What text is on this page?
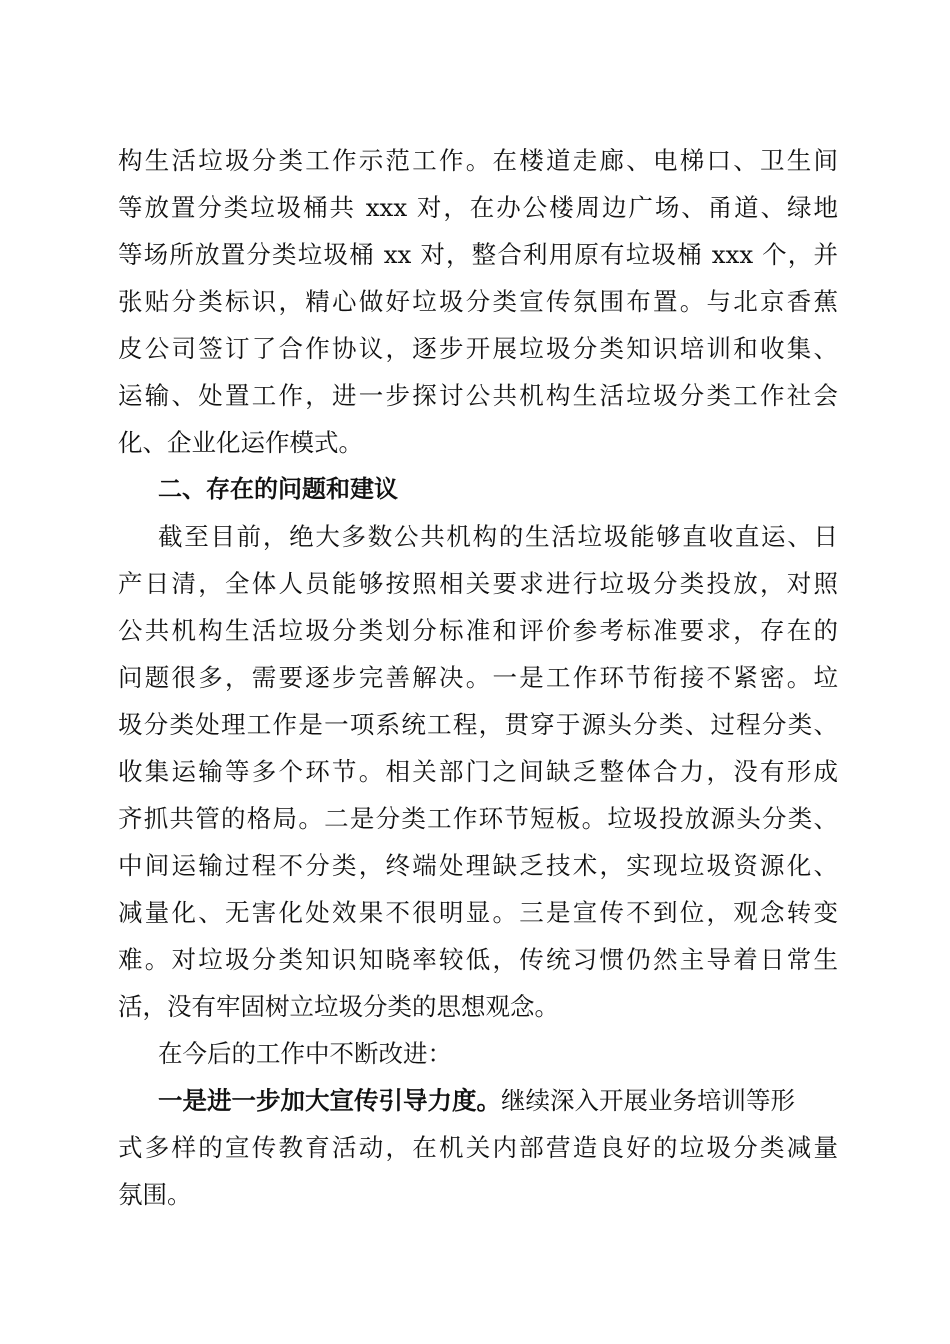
构生活垃圾分类工作示范工作。在楼道走廊、电梯口、卫生间
等放置分类垃圾桶共 xxx 对，在办公楼周边广场、甬道、绿地
等场所放置分类垃圾桶 xx 对，整合利用原有垃圾桶 xxx 个，并
张贴分类标识，精心做好垃圾分类宣传氛围布置。与北京香蕉
皮公司签订了合作协议，逐步开展垃圾分类知识培训和收集、
运输、处置工作，进一步探讨公共机构生活垃圾分类工作社会
化、企业化运作模式。
二、存在的问题和建议
截至目前，绝大多数公共机构的生活垃圾能够直收直运、日
产日清，全体人员能够按照相关要求进行垃圾分类投放，对照
公共机构生活垃圾分类划分标准和评价参考标准要求，存在的
问题很多，需要逐步完善解决。一是工作环节衔接不紧密。垃
圾分类处理工作是一项系统工程，贯穿于源头分类、过程分类、
收集运输等多个环节。相关部门之间缺乏整体合力，没有形成
齐抓共管的格局。二是分类工作环节短板。垃圾投放源头分类、
中间运输过程不分类，终端处理缺乏技术，实现垃圾资源化、
减量化、无害化处效果不很明显。三是宣传不到位，观念转变
难。对垃圾分类知识知晓率较低，传统习惯仍然主导着日常生
活，没有牢固树立垃圾分类的思想观念。
在今后的工作中不断改进：
一是进一步加大宣传引导力度。继续深入开展业务培训等形
式多样的宣传教育活动，在机关内部营造良好的垃圾分类减量
氛围。
